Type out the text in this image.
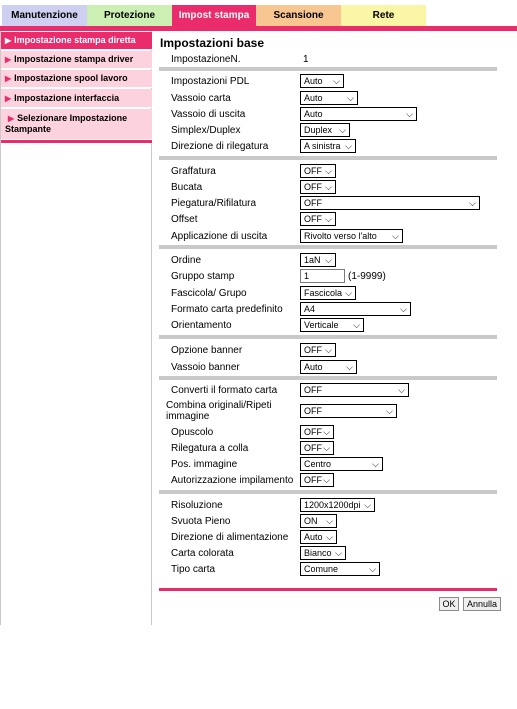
Manutenzione	Protezione	Impost stampa	Scansione	Rete
▶ Impostazione stampa diretta
▶ Impostazione stampa driver
▶ Impostazione spool lavoro
▶ Impostazione interfaccia
▶ Selezionare Impostazione Stampante
Impostazioni base
ImpostazioneN.	1
Impostazioni PDL	Auto ⌵
Vassoio carta	Auto	⌵
Vassoio di uscita	Auto	⌵
Simplex/Duplex	Duplex ⌵
Direzione di rilegatura	A sinistra ⌵
Graffatura	OFF ⌵
Bucata	OFF ⌵
Piegatura/Rifilatura	OFF	⌵
Offset	OFF ⌵
Applicazione di uscita	Rivolto verso l'alto ⌵
Ordine	1aN ⌵
Gruppo stamp	1	(1-9999)
Fascicola/ Grupo	Fascicola ⌵
Formato carta predefinito	A4	⌵
Orientamento	Verticale ⌵
Opzione banner	OFF ⌵
Vassoio banner	Auto	⌵
Converti il formato carta	OFF	⌵
Combina originali/Ripeti immagine	OFF	⌵
Opuscolo	OFF ⌵
Rilegatura a colla	OFF ⌵
Pos. immagine	Centro	⌵
Autorizzazione impilamento	OFF ⌵
Risoluzione	1200x1200dpi ⌵
Svuota Pieno	ON ⌵
Direzione di alimentazione	Auto ⌵
Carta colorata	Bianco ⌵
Tipo carta	Comune	⌵
OK	Annulla
